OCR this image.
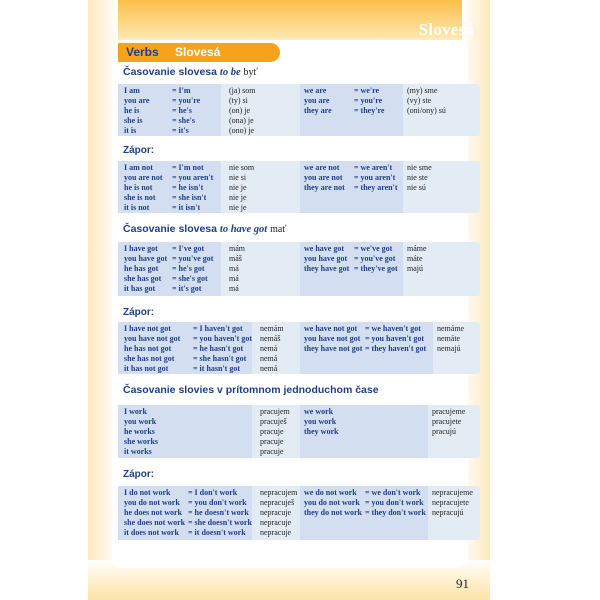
Slovesá
Verbs Slovesá
91
Časovanie slovesa to be byť
I am	= I'm	(ja) som
you are	= you're	(ty) si
he is	= he's	(on) je
she is	= she's	(ona) je
it is	= it's	(ono) je
we are	= we're	(my) sme
you are	= you're	(vy) ste
they are	= they're	(oni/ony) sú
Zápor:
I am not = I'm not	nie som
you are not = you aren't nie si
he is not = he isn't	nie je
she is not = she isn't	nie je
it is not	= it isn't	nie je
we are not = we aren't nie sme
you are not = you aren't nie ste
they are not = they aren't nie sú
Časovanie slovesa to have got mať
I have got = I've got	mám
you have got = you've got máš
he has got = he's got	má
she has got = she's got	má
it has got = it's got	má
we have got = we've got máme
you have got = you've got máte
they have got = they've got majú
Zápor:
I have not got	= I haven't got nemám
you have not got = you haven't got nemáš
he has not got	= he hasn't got nemá
she has not got = she hasn't got nemá
it has not got	= it hasn't got nemá
we have not got = we haven't got nemáme
you have not got = you haven't got nemáte
they have not got = they haven't got nemajú
Časovanie slovies v prítomnom jednoduchom čase
I work	pracujem
you work	pracuješ
he works	pracuje
she works	pracuje
it works	pracuje
we work	pracujeme
you work	pracujete
they work	pracujú
Zápor:
I do not work = I don't work	nepracujem
you do not work = you don't work nepracuješ
he does not work = he doesn't work nepracuje
she does not work = she doesn't work nepracuje
it does not work = it doesn't work nepracuje
we do not work = we don't work nepracujeme
you do not work = you don't work nepracujete
they do not work = they don't work nepracujú
